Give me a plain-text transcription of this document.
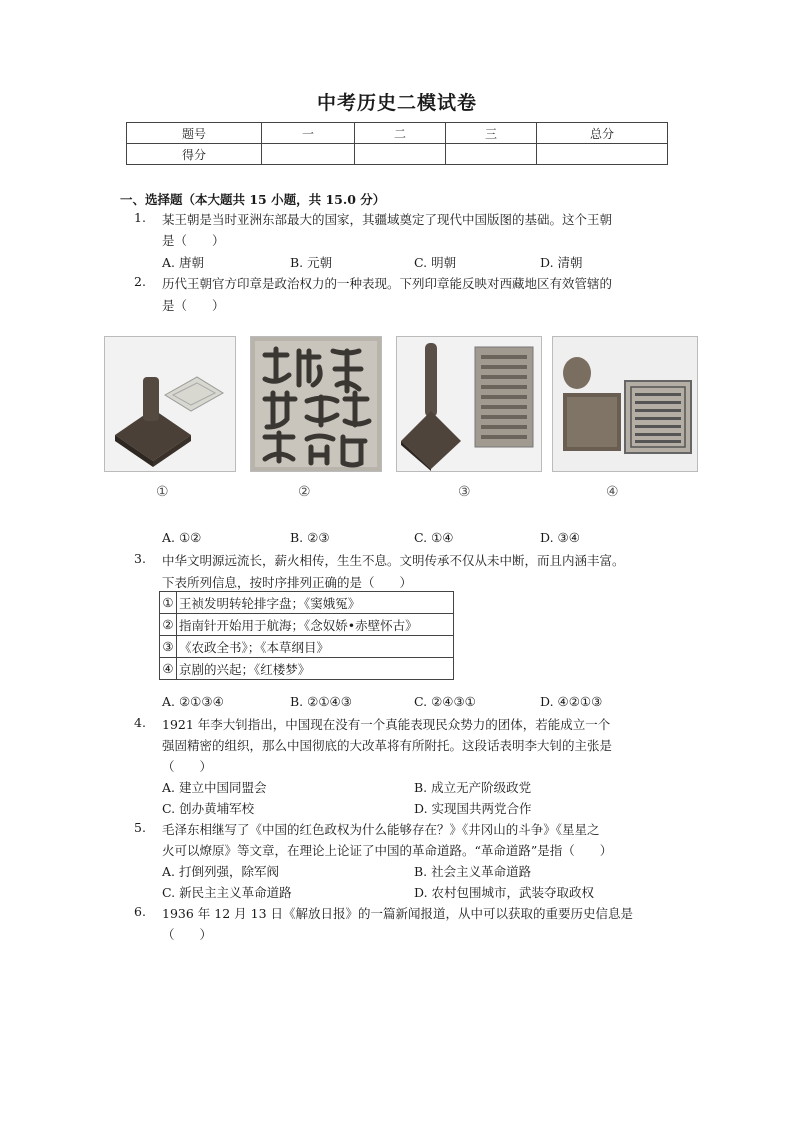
中考历史二模试卷
题号	一	二	三	总分
得分				
一、选择题（本大题共 15 小题，共 15.0 分）
1. 某王朝是当时亚洲东部最大的国家，其疆域奠定了现代中国版图的基础。这个王朝
是（　　）
A. 唐朝	B. 元朝	C. 明朝	D. 清朝
2. 历代王朝官方印章是政治权力的一种表现。下列印章能反映对西藏地区有效管辖的
是（　　）
①	②	③	④
A. ①②	B. ②③	C. ①④	D. ③④
3. 中华文明源远流长，薪火相传，生生不息。文明传承不仅从未中断，而且内涵丰富。
下表所列信息，按时序排列正确的是（　　）
①	王祯发明转轮排字盘；《窦娥冤》
②	指南针开始用于航海；《念奴娇•赤壁怀古》
③	《农政全书》；《本草纲目》
④	京剧的兴起；《红楼梦》
A. ②①③④	B. ②①④③	C. ②④③①	D. ④②①③
4. 1921 年李大钊指出，中国现在没有一个真能表现民众势力的团体，若能成立一个
强固精密的组织，那么中国彻底的大改革将有所附托。这段话表明李大钊的主张是
（　　）
A. 建立中国同盟会	B. 成立无产阶级政党
C. 创办黄埔军校	D. 实现国共两党合作
5. 毛泽东相继写了《中国的红色政权为什么能够存在？》《井冈山的斗争》《星星之
火可以燎原》等文章，在理论上论证了中国的革命道路。“革命道路”是指（　　）
A. 打倒列强，除军阀	B. 社会主义革命道路
C. 新民主主义革命道路	D. 农村包围城市，武装夺取政权
6. 1936 年 12 月 13 日《解放日报》的一篇新闻报道，从中可以获取的重要历史信息是
（　　）
